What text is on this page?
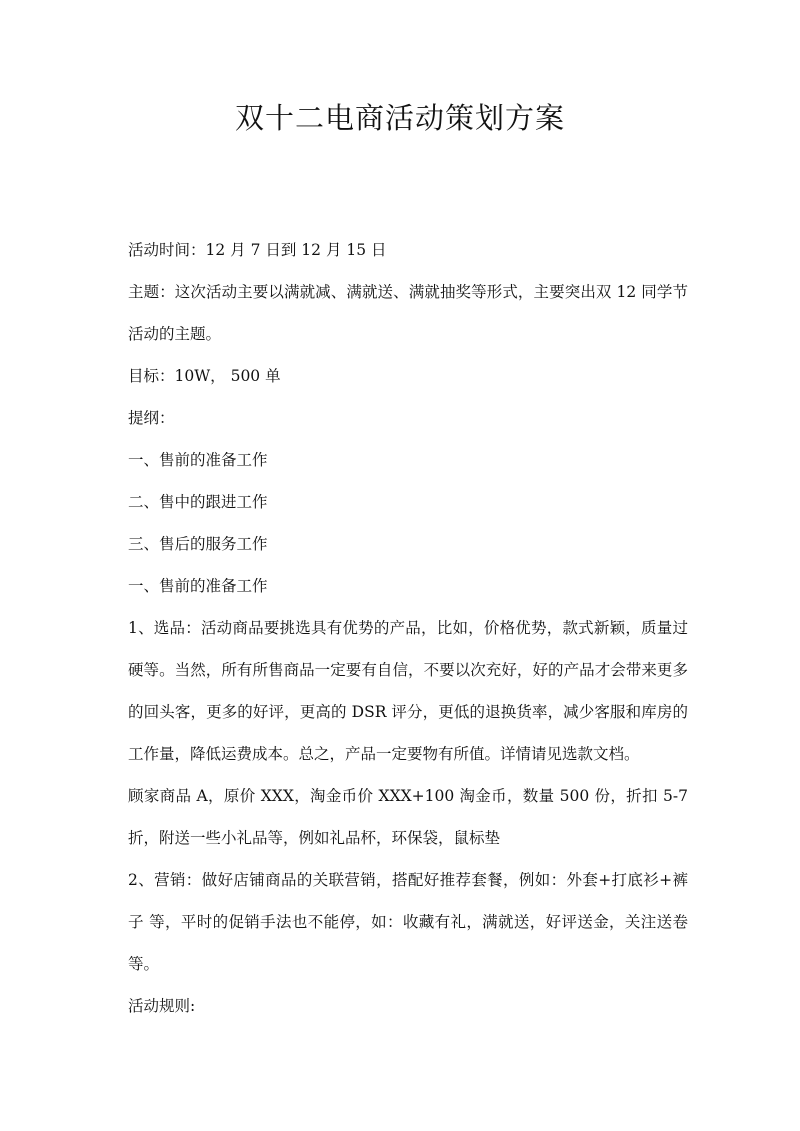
双十二电商活动策划方案

活动时间：12 月 7 日到 12 月 15 日

主题：这次活动主要以满就减、满就送、满就抽奖等形式，主要突出双 12 同学节活动的主题。

目标：10W， 500 单

提纲：

一、售前的准备工作

二、售中的跟进工作

三、售后的服务工作

一、售前的准备工作

1、选品：活动商品要挑选具有优势的产品，比如，价格优势，款式新颖，质量过硬等。当然，所有所售商品一定要有自信，不要以次充好，好的产品才会带来更多的回头客，更多的好评，更高的 DSR 评分，更低的退换货率，减少客服和库房的工作量，降低运费成本。总之，产品一定要物有所值。详情请见选款文档。

顾家商品 A，原价 XXX，淘金币价 XXX+100 淘金币，数量 500 份，折扣 5-7 折，附送一些小礼品等，例如礼品杯，环保袋，鼠标垫

2、营销：做好店铺商品的关联营销，搭配好推荐套餐，例如：外套+打底衫+裤子 等，平时的促销手法也不能停，如：收藏有礼，满就送，好评送金，关注送卷等。

活动规则:
